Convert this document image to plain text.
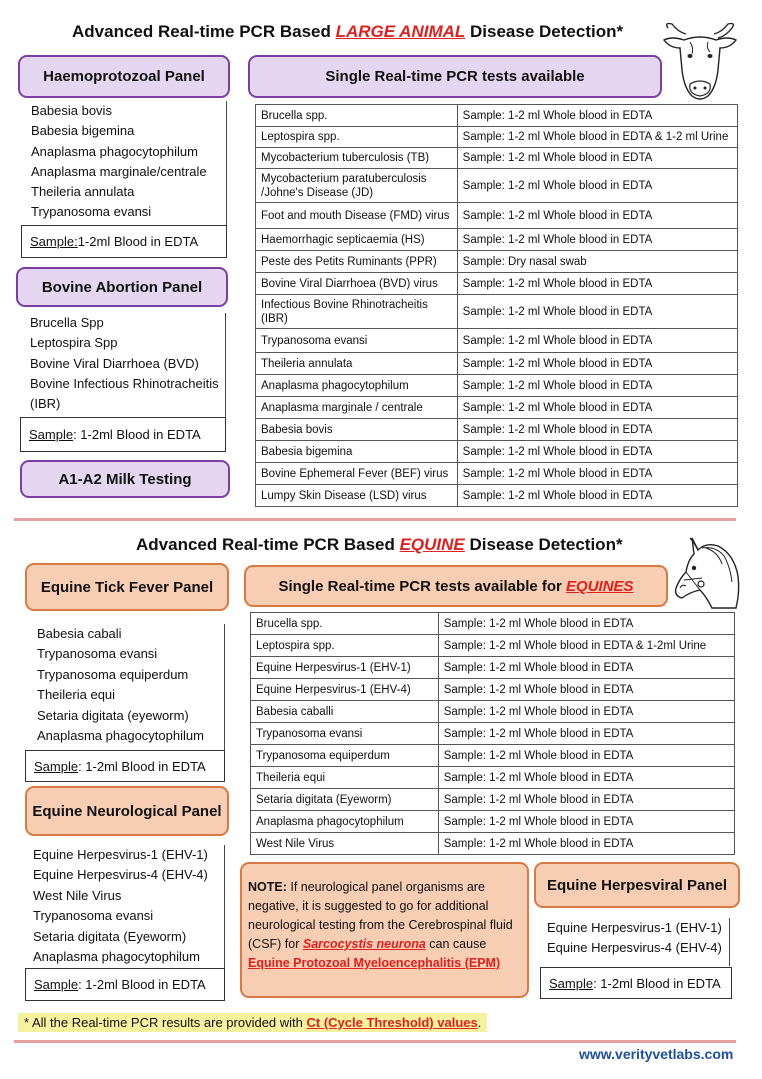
Advanced Real-time PCR Based LARGE ANIMAL Disease Detection*
Haemoprotozoal Panel
Babesia bovis
Babesia bigemina
Anaplasma phagocytophilum
Anaplasma marginale/centrale
Theileria annulata
Trypanosoma evansi
Sample: 1-2ml Blood in EDTA
Bovine Abortion Panel
Brucella Spp
Leptospira Spp
Bovine Viral Diarrhoea (BVD)
Bovine Infectious Rhinotracheitis (IBR)
Sample : 1-2ml Blood in EDTA
A1-A2 Milk Testing
Single Real-time PCR tests available
Brucella spp.	Sample: 1-2 ml Whole blood in EDTA
Leptospira spp.	Sample: 1-2 ml Whole blood in EDTA & 1-2 ml Urine
Mycobacterium tuberculosis (TB)	Sample: 1-2 ml Whole blood in EDTA
Mycobacterium paratuberculosis /Johne's Disease (JD)	Sample: 1-2 ml Whole blood in EDTA
Foot and mouth Disease (FMD) virus	Sample: 1-2 ml Whole blood in EDTA
Haemorrhagic septicaemia (HS)	Sample: 1-2 ml Whole blood in EDTA
Peste des Petits Ruminants (PPR)	Sample: Dry nasal swab
Bovine Viral Diarrhoea (BVD) virus	Sample: 1-2 ml Whole blood in EDTA
Infectious Bovine Rhinotracheitis (IBR)	Sample: 1-2 ml Whole blood in EDTA
Trypanosoma evansi	Sample: 1-2 ml Whole blood in EDTA
Theileria annulata	Sample: 1-2 ml Whole blood in EDTA
Anaplasma phagocytophilum	Sample: 1-2 ml Whole blood in EDTA
Anaplasma marginale / centrale	Sample: 1-2 ml Whole blood in EDTA
Babesia bovis	Sample: 1-2 ml Whole blood in EDTA
Babesia bigemina	Sample: 1-2 ml Whole blood in EDTA
Bovine Ephemeral Fever (BEF) virus	Sample: 1-2 ml Whole blood in EDTA
Lumpy Skin Disease (LSD) virus	Sample: 1-2 ml Whole blood in EDTA
Advanced Real-time PCR Based EQUINE Disease Detection*
Equine Tick Fever Panel
Babesia cabali
Trypanosoma evansi
Trypanosoma equiperdum
Theileria equi
Setaria digitata (eyeworm)
Anaplasma phagocytophilum
Sample : 1-2ml Blood in EDTA
Equine Neurological Panel
Equine Herpesvirus-1 (EHV-1)
Equine Herpesvirus-4 (EHV-4)
West Nile Virus
Trypanosoma evansi
Setaria digitata (Eyeworm)
Anaplasma phagocytophilum
Sample : 1-2ml Blood in EDTA
Single Real-time PCR tests available for
EQUINES
Brucella spp.	Sample: 1-2 ml Whole blood in EDTA
Leptospira spp.	Sample: 1-2 ml Whole blood in EDTA & 1-2ml Urine
Equine Herpesvirus-1 (EHV-1)	Sample: 1-2 ml Whole blood in EDTA
Equine Herpesvirus-1 (EHV-4)	Sample: 1-2 ml Whole blood in EDTA
Babesia caballi	Sample: 1-2 ml Whole blood in EDTA
Trypanosoma evansi	Sample: 1-2 ml Whole blood in EDTA
Trypanosoma equiperdum	Sample: 1-2 ml Whole blood in EDTA
Theileria equi	Sample: 1-2 ml Whole blood in EDTA
Setaria digitata (Eyeworm)	Sample: 1-2 ml Whole blood in EDTA
Anaplasma phagocytophilum	Sample: 1-2 ml Whole blood in EDTA
West Nile Virus	Sample: 1-2 ml Whole blood in EDTA
NOTE: If neurological panel organisms are negative, it is suggested to go for additional neurological testing from the Cerebrospinal fluid (CSF) for Sarcocystis neurona can cause Equine Protozoal Myeloencephalitis (EPM)
Equine Herpesviral Panel
Equine Herpesvirus-1 (EHV-1)
Equine Herpesvirus-4 (EHV-4)
Sample : 1-2ml Blood in EDTA
* All the Real-time PCR results are provided with Ct (Cycle Threshold) values.
www.verityvetlabs.com
